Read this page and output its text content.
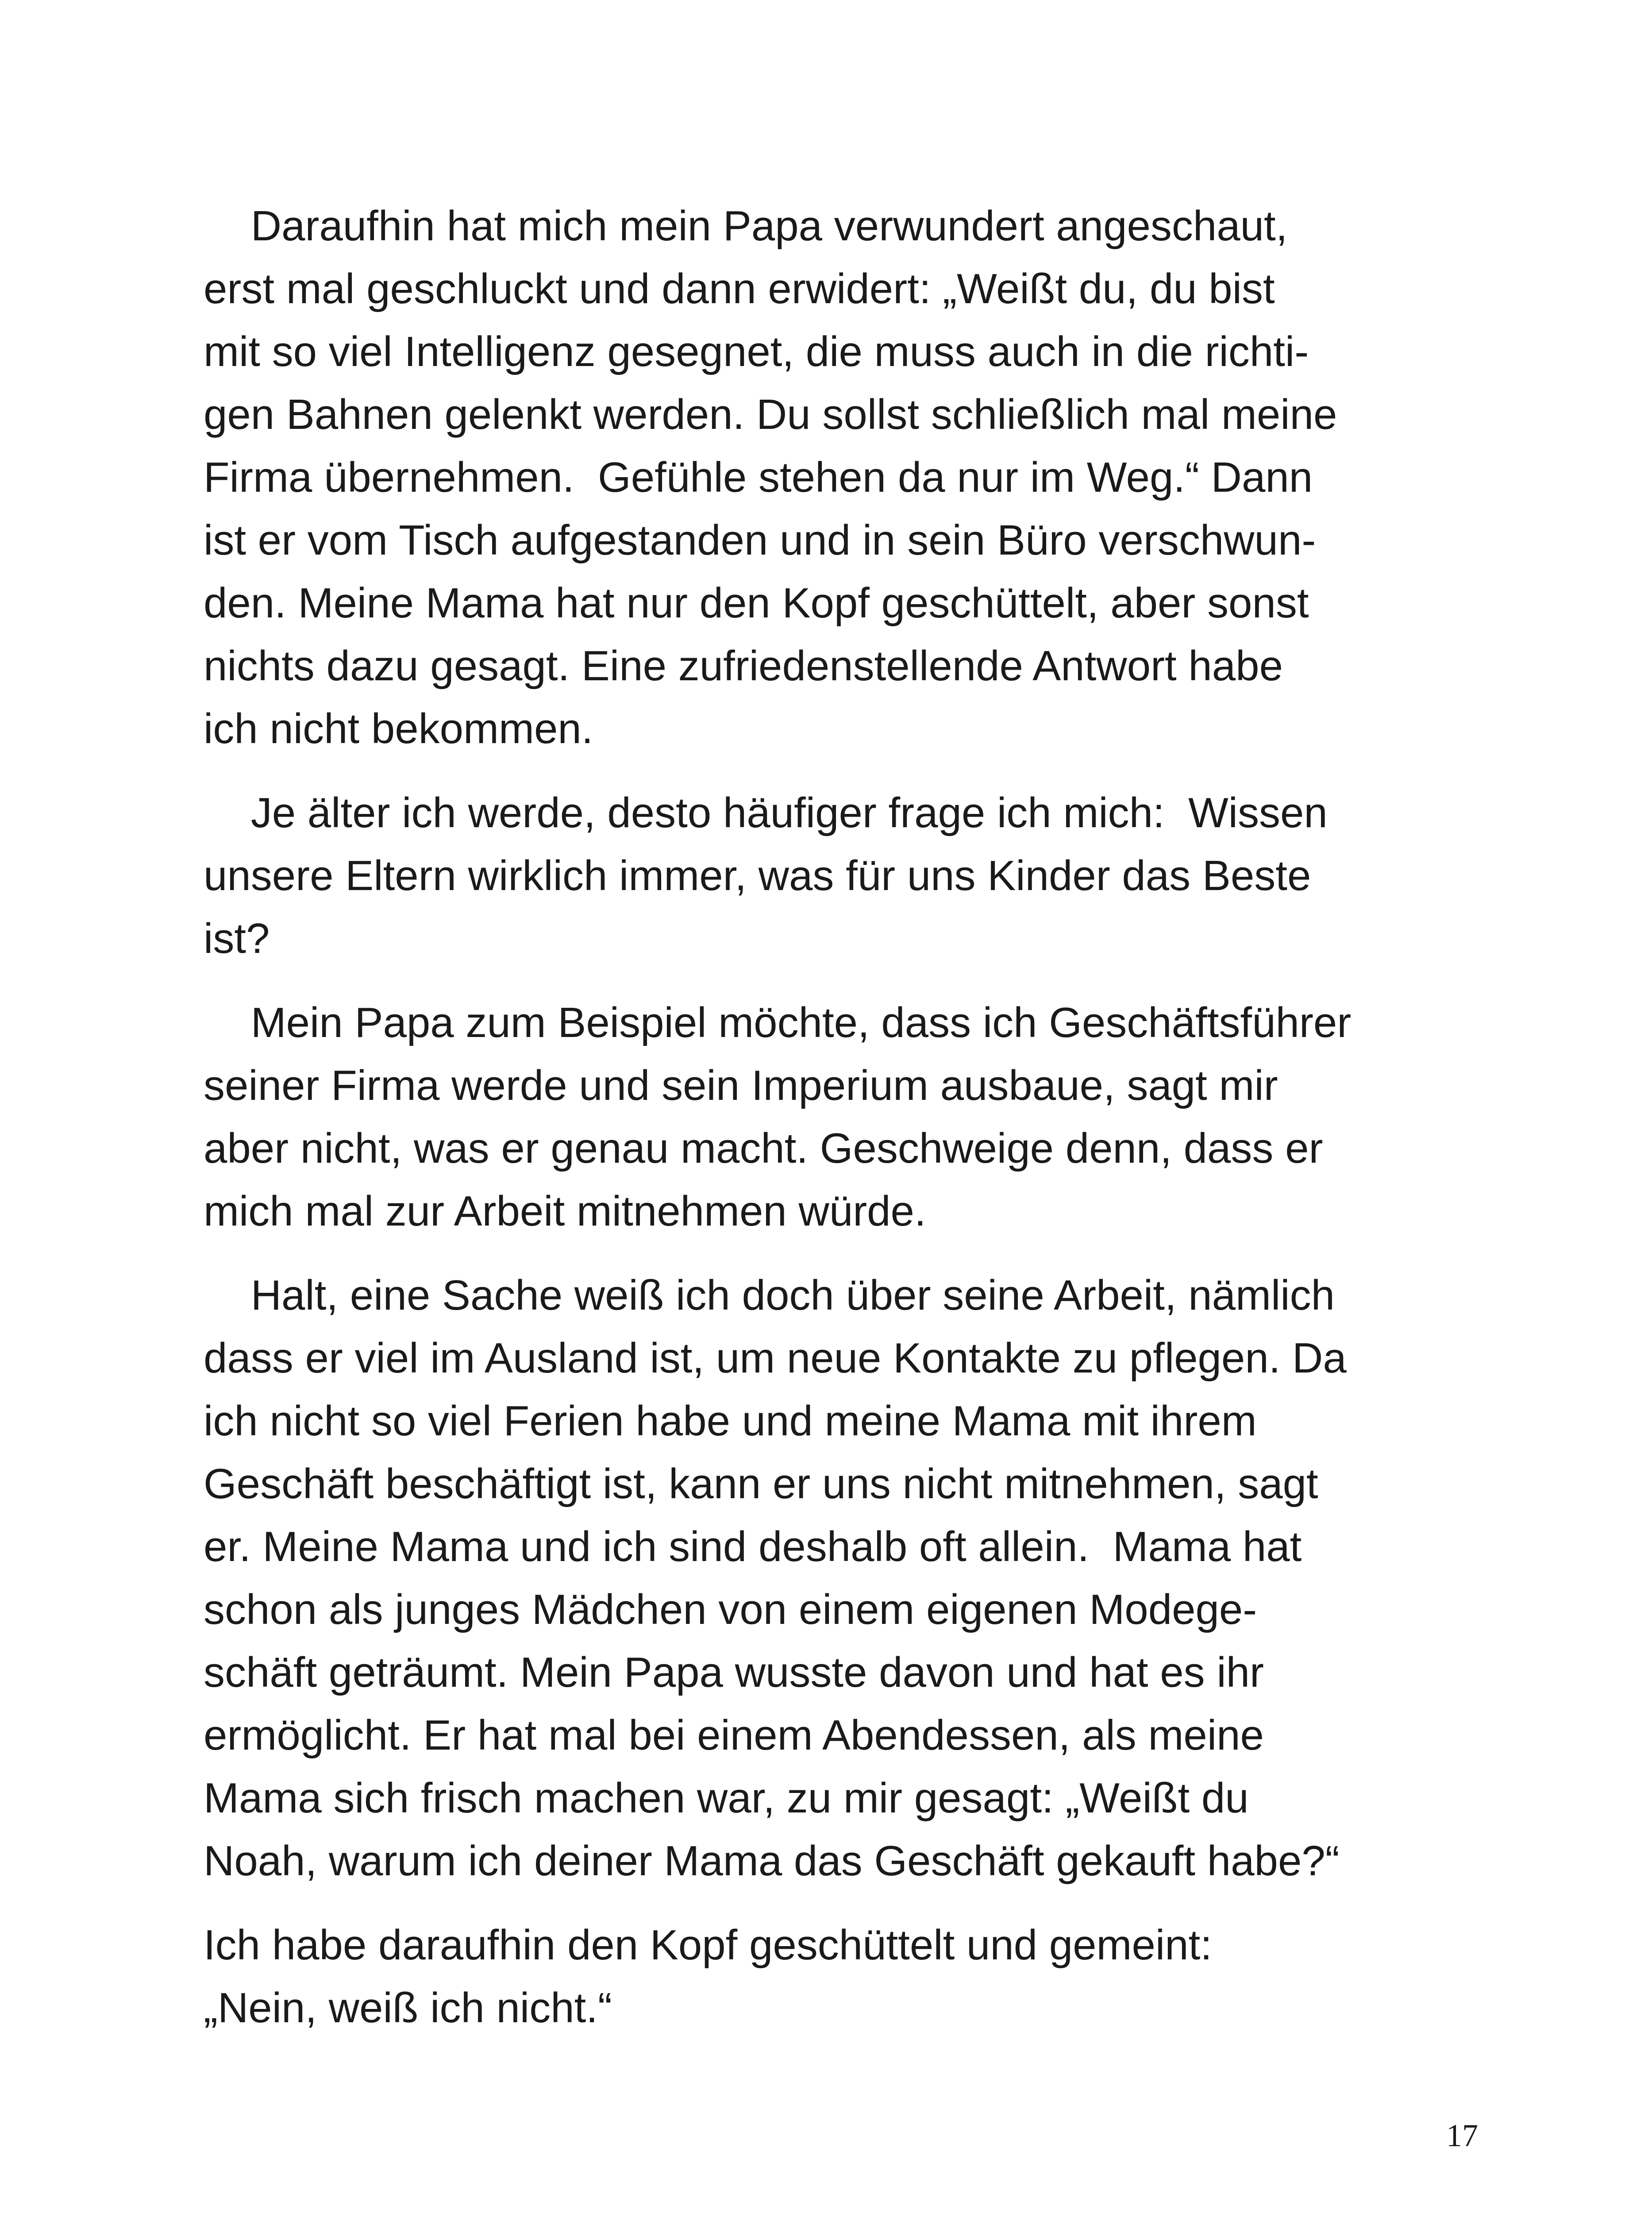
Daraufhin hat mich mein Papa verwundert angeschaut,
erst mal geschluckt und dann erwidert: „Weißt du, du bist
mit so viel Intelligenz gesegnet, die muss auch in die richti-
gen Bahnen gelenkt werden. Du sollst schließlich mal meine
Firma übernehmen.  Gefühle stehen da nur im Weg.“ Dann
ist er vom Tisch aufgestanden und in sein Büro verschwun-
den. Meine Mama hat nur den Kopf geschüttelt, aber sonst
nichts dazu gesagt. Eine zufriedenstellende Antwort habe
ich nicht bekommen.
Je älter ich werde, desto häufiger frage ich mich:  Wissen
unsere Eltern wirklich immer, was für uns Kinder das Beste
ist?
Mein Papa zum Beispiel möchte, dass ich Geschäftsführer
seiner Firma werde und sein Imperium ausbaue, sagt mir
aber nicht, was er genau macht. Geschweige denn, dass er
mich mal zur Arbeit mitnehmen würde.
Halt, eine Sache weiß ich doch über seine Arbeit, nämlich
dass er viel im Ausland ist, um neue Kontakte zu pflegen. Da
ich nicht so viel Ferien habe und meine Mama mit ihrem
Geschäft beschäftigt ist, kann er uns nicht mitnehmen, sagt
er. Meine Mama und ich sind deshalb oft allein.  Mama hat
schon als junges Mädchen von einem eigenen Modege-
schäft geträumt. Mein Papa wusste davon und hat es ihr
ermöglicht. Er hat mal bei einem Abendessen, als meine
Mama sich frisch machen war, zu mir gesagt: „Weißt du
Noah, warum ich deiner Mama das Geschäft gekauft habe?“
Ich habe daraufhin den Kopf geschüttelt und gemeint:
„Nein, weiß ich nicht.“
17
